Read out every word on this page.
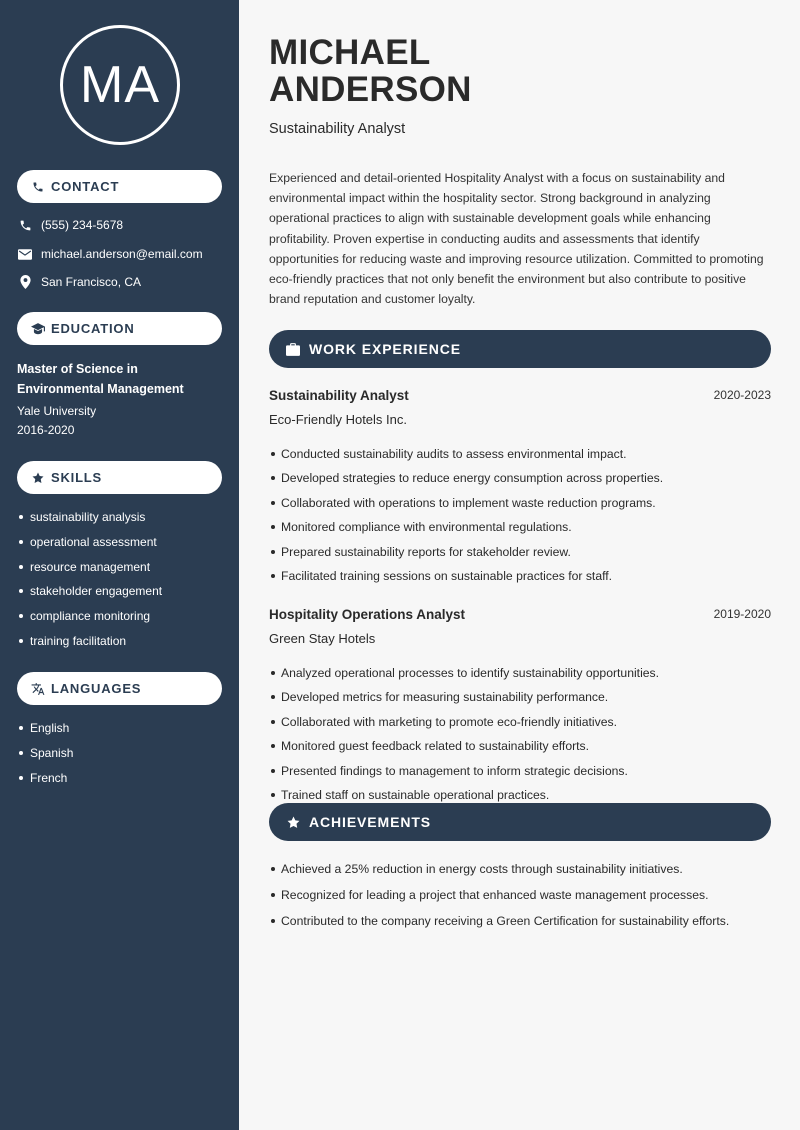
MA
CONTACT
(555) 234-5678
michael.anderson@email.com
San Francisco, CA
EDUCATION
Master of Science in Environmental Management
Yale University
2016-2020
SKILLS
sustainability analysis
operational assessment
resource management
stakeholder engagement
compliance monitoring
training facilitation
LANGUAGES
English
Spanish
French
MICHAEL
ANDERSON
Sustainability Analyst

Experienced and detail-oriented Hospitality Analyst with a focus on sustainability and environmental impact within the hospitality sector. Strong background in analyzing operational practices to align with sustainable development goals while enhancing profitability. Proven expertise in conducting audits and assessments that identify opportunities for reducing waste and improving resource utilization. Committed to promoting eco-friendly practices that not only benefit the environment but also contribute to positive brand reputation and customer loyalty.

WORK EXPERIENCE
Sustainability Analyst	2020-2023
Eco-Friendly Hotels Inc.
Conducted sustainability audits to assess environmental impact.
Developed strategies to reduce energy consumption across properties.
Collaborated with operations to implement waste reduction programs.
Monitored compliance with environmental regulations.
Prepared sustainability reports for stakeholder review.
Facilitated training sessions on sustainable practices for staff.
Hospitality Operations Analyst	2019-2020
Green Stay Hotels
Analyzed operational processes to identify sustainability opportunities.
Developed metrics for measuring sustainability performance.
Collaborated with marketing to promote eco-friendly initiatives.
Monitored guest feedback related to sustainability efforts.
Presented findings to management to inform strategic decisions.
Trained staff on sustainable operational practices.
ACHIEVEMENTS
Achieved a 25% reduction in energy costs through sustainability initiatives.
Recognized for leading a project that enhanced waste management processes.
Contributed to the company receiving a Green Certification for sustainability efforts.
